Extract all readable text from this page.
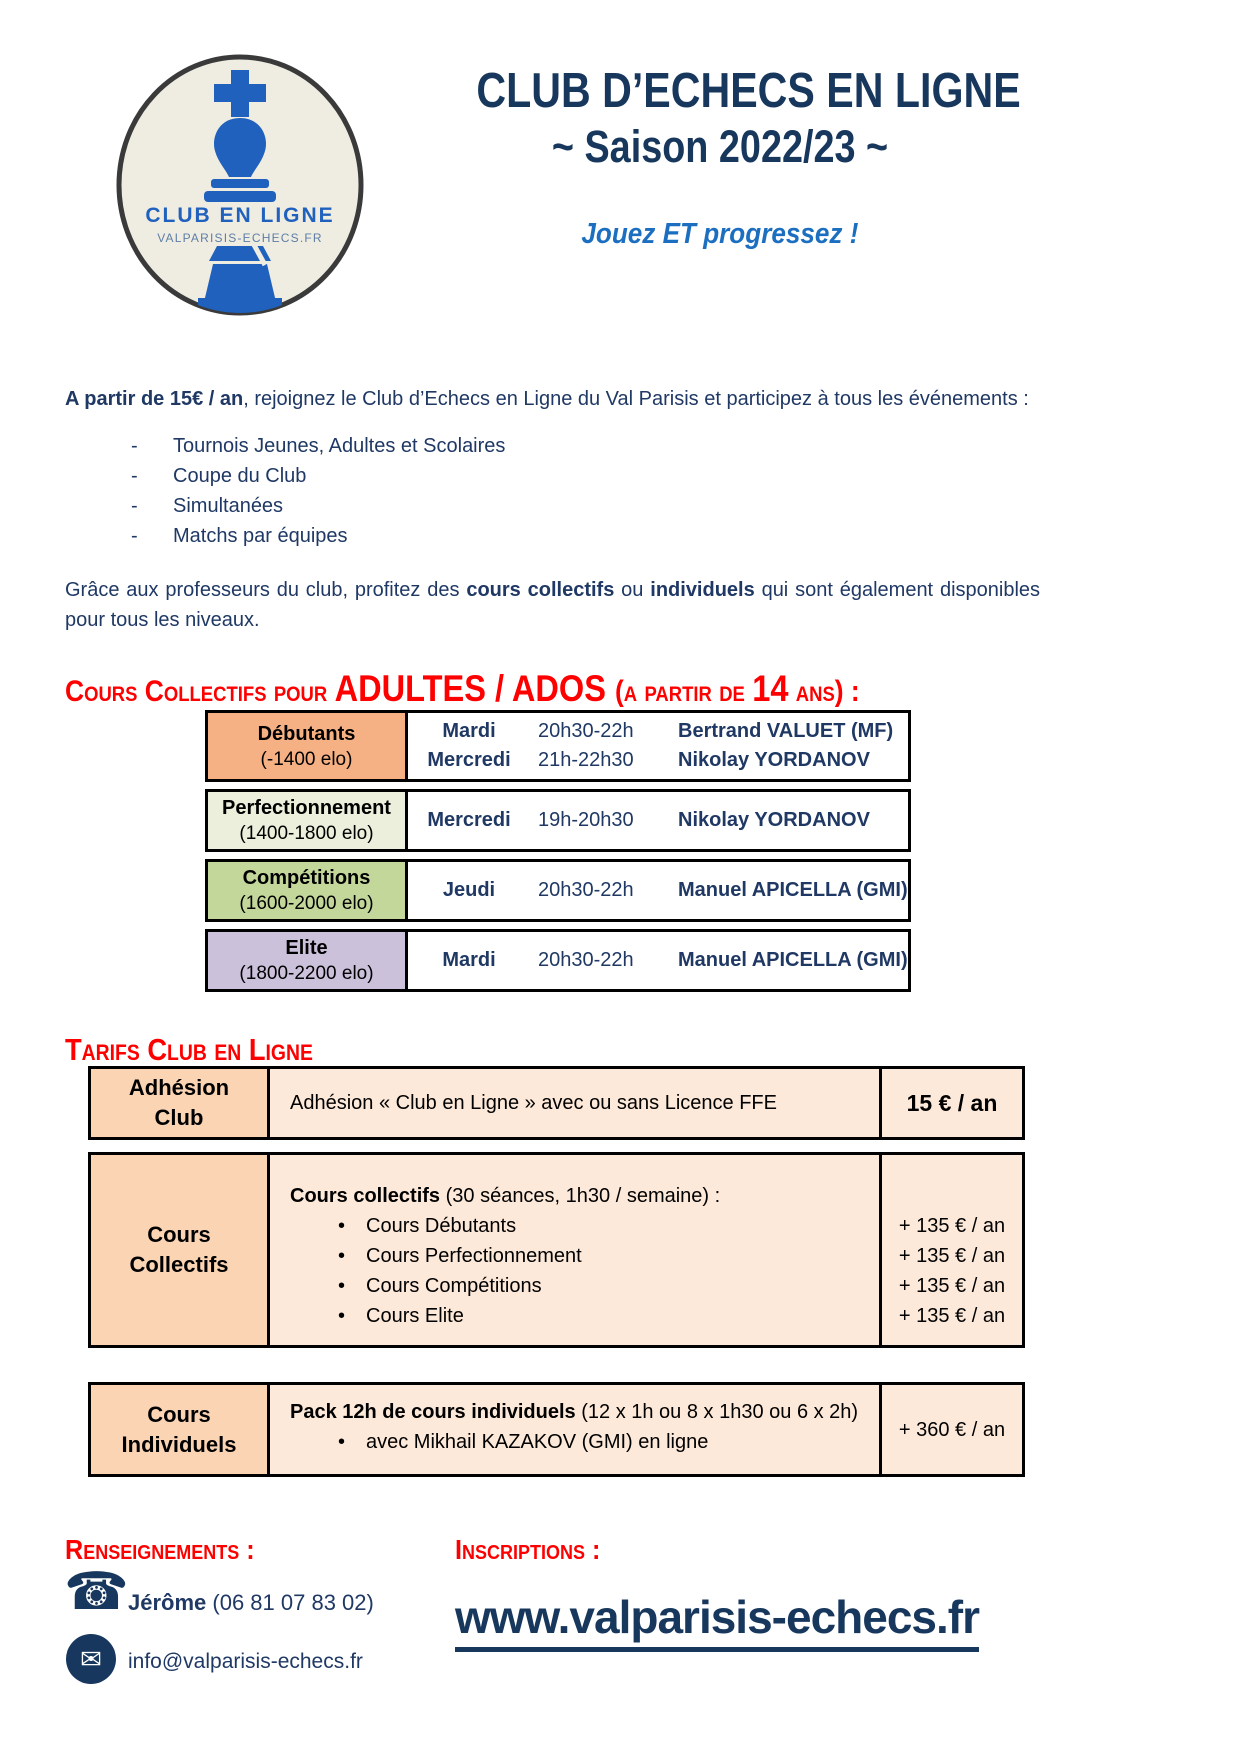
CLUB EN LIGNE
VALPARISIS-ECHECS.FR
CLUB D’ECHECS EN LIGNE
~ Saison 2022/23 ~
Jouez ET progressez !

A partir de 15€ / an, rejoignez le Club d’Echecs en Ligne du Val Parisis et participez à tous les événements :

-	Tournois Jeunes, Adultes et Scolaires
-	Coupe du Club
-	Simultanées
-	Matchs par équipes

Grâce aux professeurs du club, profitez des cours collectifs ou individuels qui sont également disponibles pour tous les niveaux.

Cours Collectifs pour ADULTES / ADOS (a partir de 14 ans) :
Débutants
(-1400 elo)
Mardi	20h30-22h	Bertrand VALUET (MF)
Mercredi	21h-22h30	Nikolay YORDANOV
Perfectionnement
(1400-1800 elo)
Mercredi	19h-20h30	Nikolay YORDANOV
Compétitions
(1600-2000 elo)
Jeudi	20h30-22h	Manuel APICELLA (GMI)
Elite
(1800-2200 elo)
Mardi	20h30-22h	Manuel APICELLA (GMI)
Tarifs Club en Ligne
Adhésion Club
Adhésion « Club en Ligne » avec ou sans Licence FFE	15 € / an
Cours Collectifs
Cours collectifs (30 séances, 1h30 / semaine) :
•	Cours Débutants
•	Cours Perfectionnement
•	Cours Compétitions
•	Cours Elite
+ 135 € / an
+ 135 € / an
+ 135 € / an
+ 135 € / an
Cours Individuels
Pack 12h de cours individuels (12 x 1h ou 8 x 1h30 ou 6 x 2h)
•	avec Mikhail KAZAKOV (GMI) en ligne
+ 360 € / an
Renseignements :	Inscriptions :
☎ Jérôme (06 81 07 83 02)
✉ info@valparisis-echecs.fr
www.valparisis-echecs.fr
